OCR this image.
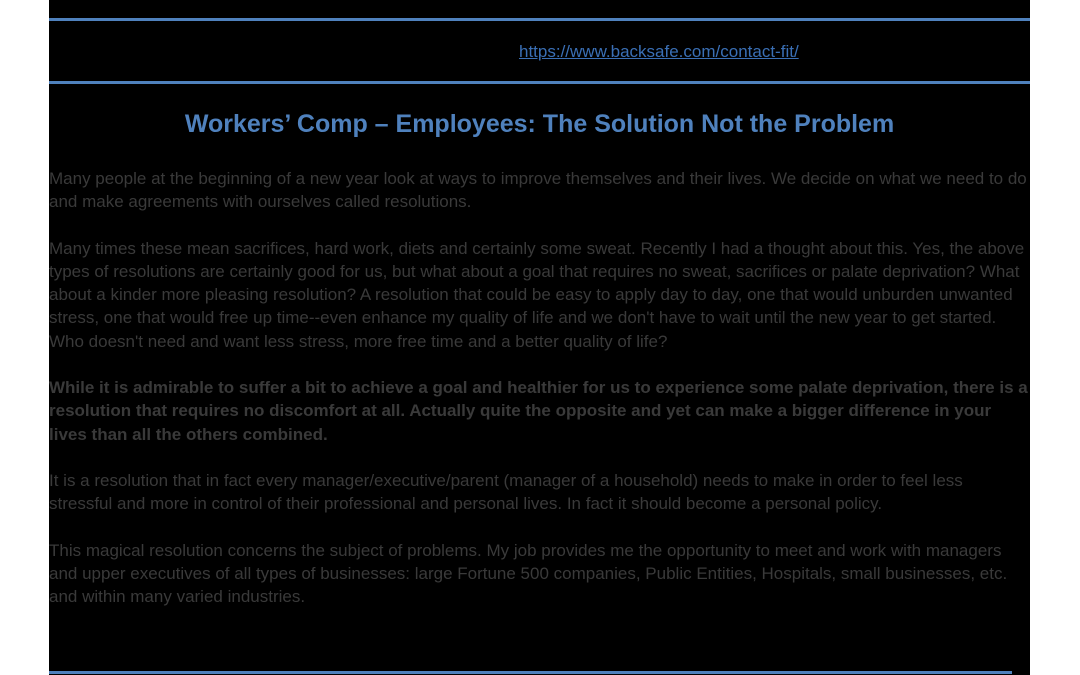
https://www.backsafe.com/contact-fit/
Workers’ Comp – Employees: The Solution Not the Problem

Many people at the beginning of a new year look at ways to improve themselves and their lives. We decide on what we need to do and make agreements with ourselves called resolutions.

Many times these mean sacrifices, hard work, diets and certainly some sweat. Recently I had a thought about this. Yes, the above types of resolutions are certainly good for us, but what about a goal that requires no sweat, sacrifices or palate deprivation? What about a kinder more pleasing resolution? A resolution that could be easy to apply day to day, one that would unburden unwanted stress, one that would free up time--even enhance my quality of life and we don't have to wait until the new year to get started. Who doesn't need and want less stress, more free time and a better quality of life?

While it is admirable to suffer a bit to achieve a goal and healthier for us to experience some palate deprivation, there is a resolution that requires no discomfort at all. Actually quite the opposite and yet can make a bigger difference in your lives than all the others combined.

It is a resolution that in fact every manager/executive/parent (manager of a household) needs to make in order to feel less stressful and more in control of their professional and personal lives. In fact it should become a personal policy.

This magical resolution concerns the subject of problems. My job provides me the opportunity to meet and work with managers and upper executives of all types of businesses: large Fortune 500 companies, Public Entities, Hospitals, small businesses, etc. and within many varied industries.
